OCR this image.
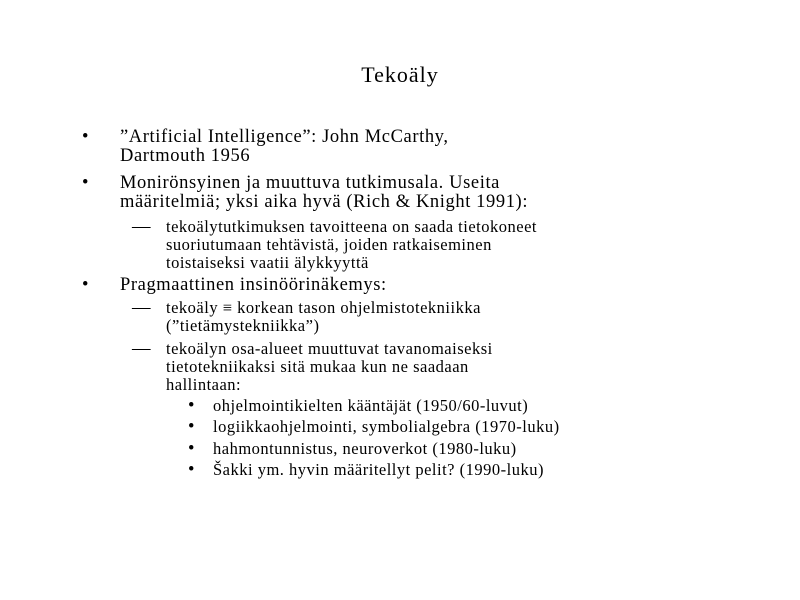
Tekoäly
• ”Artificial Intelligence”: John McCarthy,
Dartmouth 1956
• Monirönsyinen ja muuttuva tutkimusala. Useita
määritelmiä; yksi aika hyvä (Rich & Knight 1991):
— tekoälytutkimuksen tavoitteena on saada tietokoneet
suoriutumaan tehtävistä, joiden ratkaiseminen
toistaiseksi vaatii älykkyyttä
• Pragmaattinen insinöörinäkemys:
— tekoäly ≡ korkean tason ohjelmistotekniikka
(”tietämystekniikka”)
— tekoälyn osa-alueet muuttuvat tavanomaiseksi
tietotekniikaksi sitä mukaa kun ne saadaan
hallintaan:
• ohjelmointikielten kääntäjät (1950/60-luvut)
• logiikkaohjelmointi, symbolialgebra (1970-luku)
• hahmontunnistus, neuroverkot (1980-luku)
• Šakki ym. hyvin määritellyt pelit? (1990-luku)
